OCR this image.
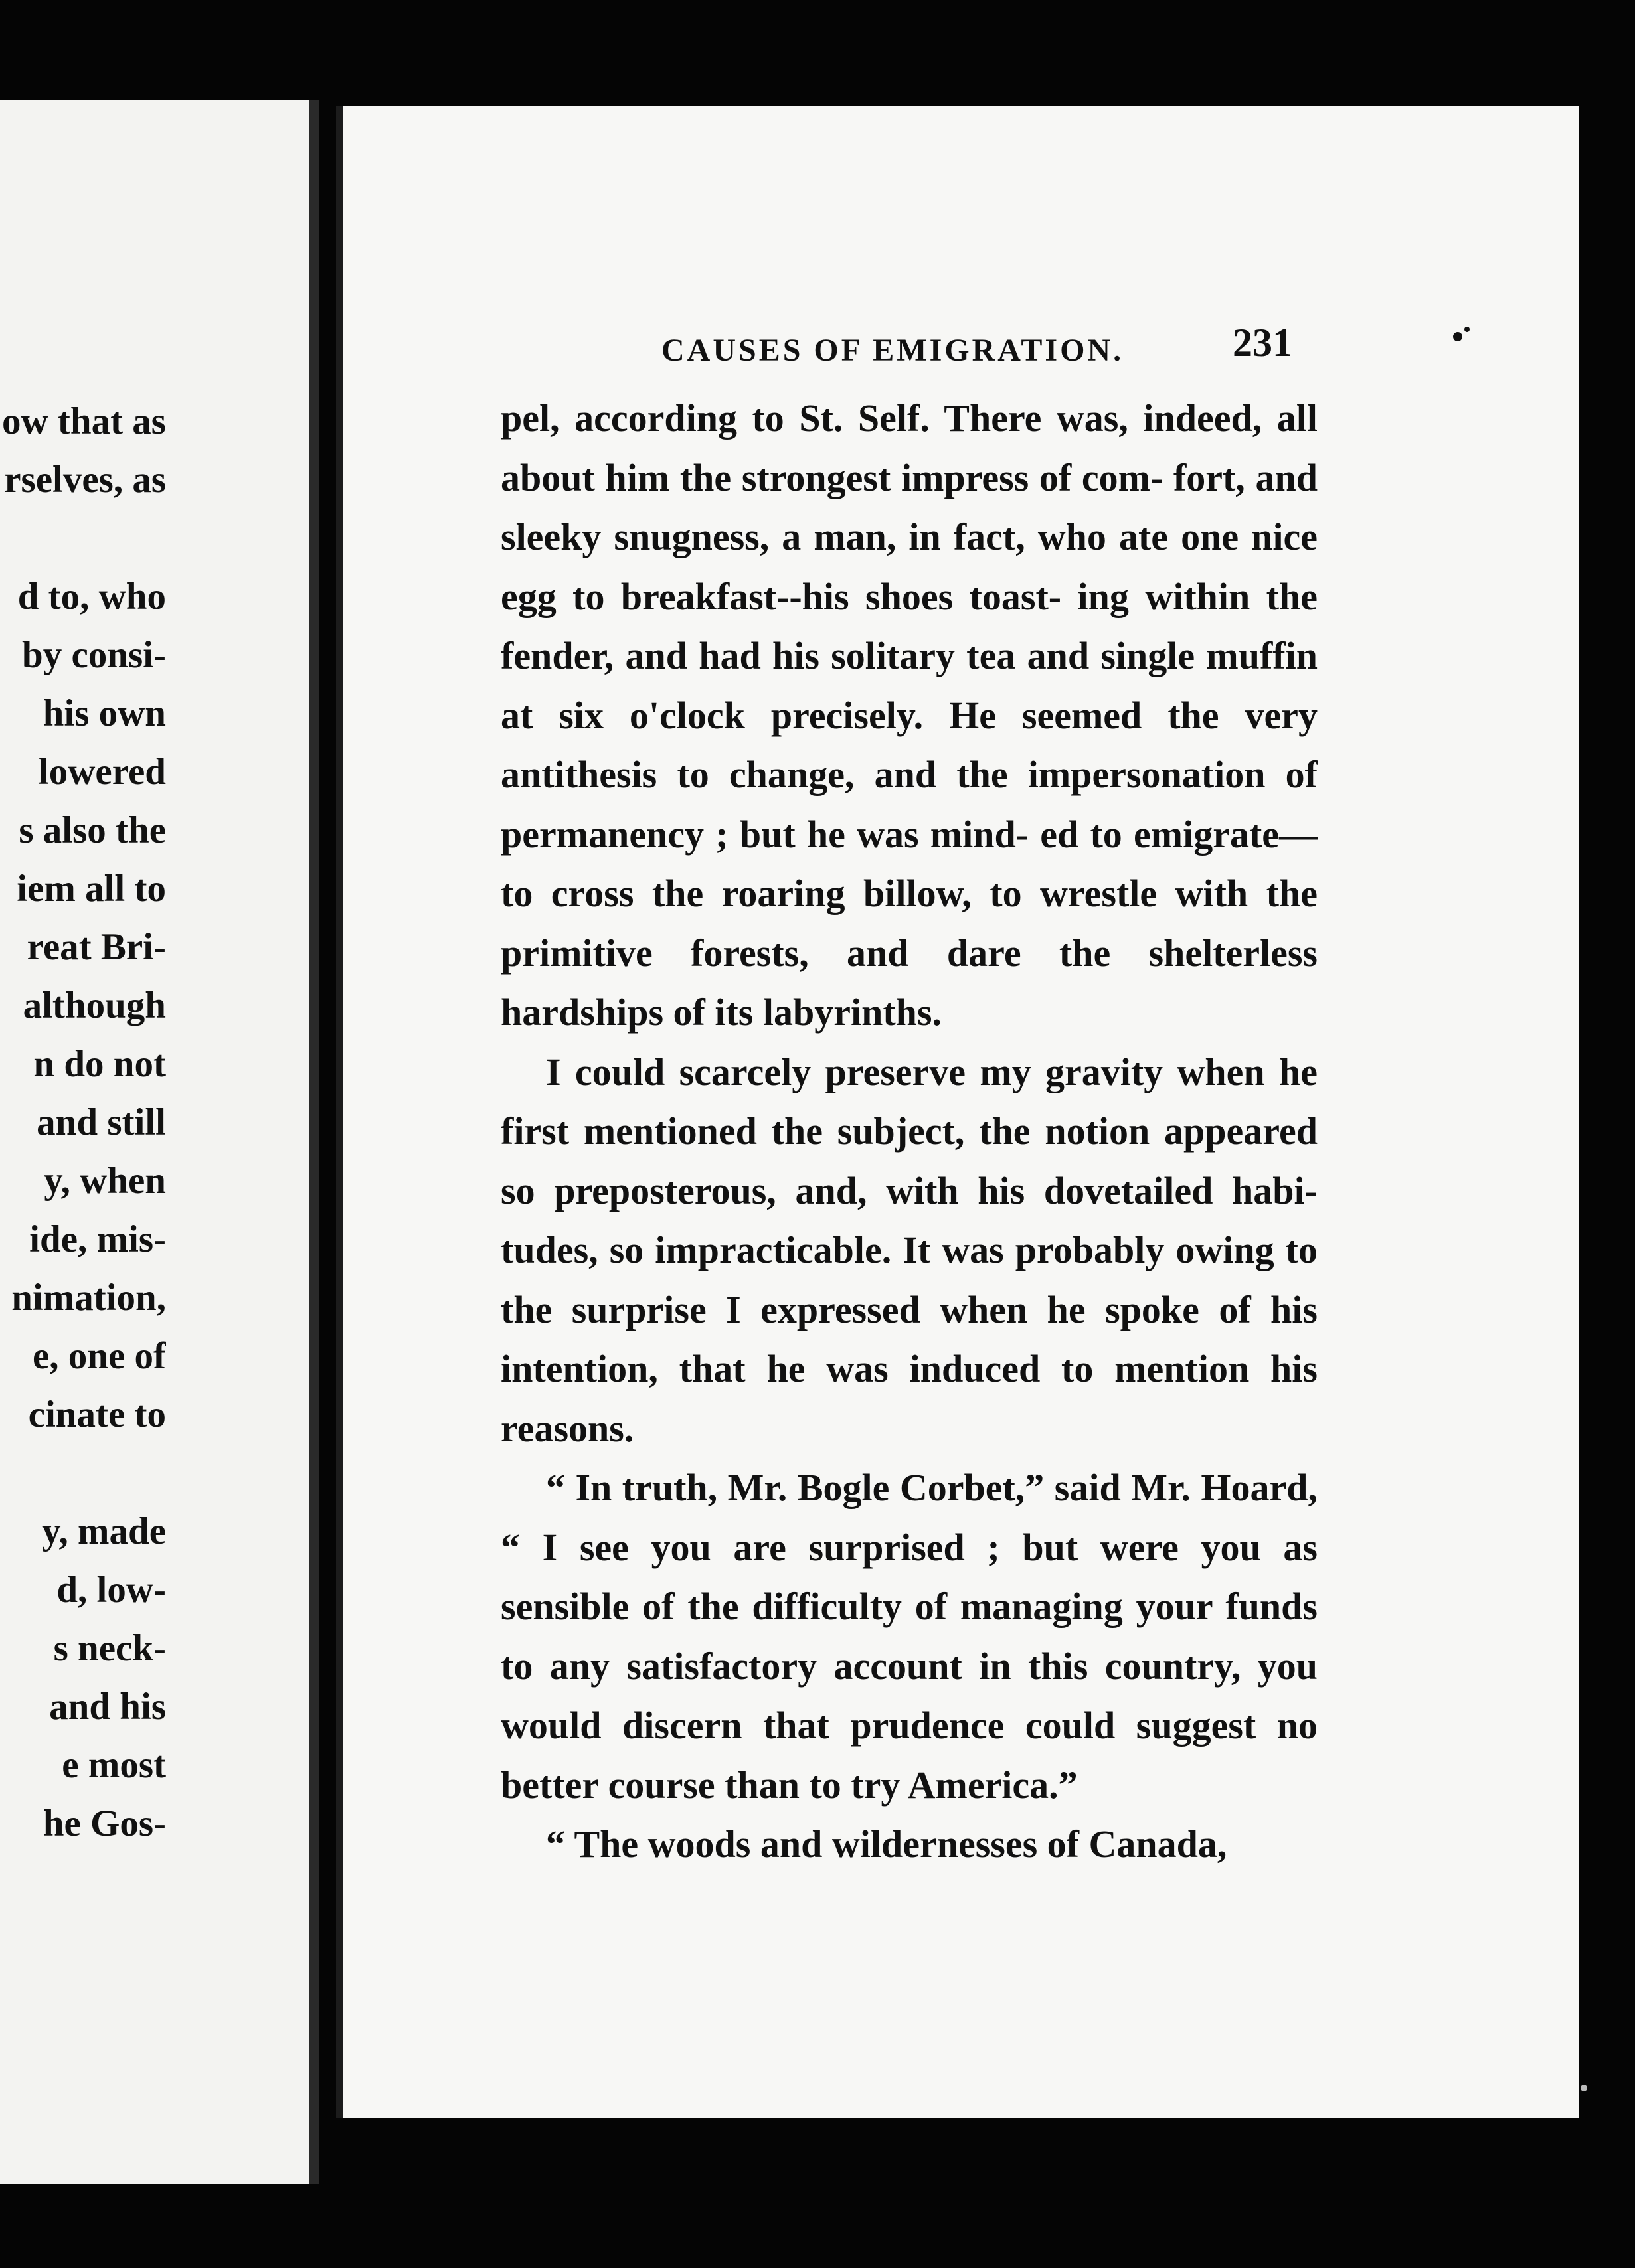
ow that as
rselves, as
d to, who
by consi-
his own
lowered
s also the
iem all to
reat Bri-
although
n do not
and still
y, when
ide, mis-
nimation,
e, one of
cinate to
y, made
d, low-
s neck-
and his
e most
he Gos-
CAUSES OF EMIGRATION.	231

pel, according to St. Self. There was, indeed, all about him the strongest impress of com- fort, and sleeky snugness, a man, in fact, who ate one nice egg to breakfast--his shoes toast- ing within the fender, and had his solitary tea and single muffin at six o'clock precisely. He seemed the very antithesis to change, and the impersonation of permanency ; but he was mind- ed to emigrate—to cross the roaring billow, to wrestle with the primitive forests, and dare the shelterless hardships of its labyrinths.

I could scarcely preserve my gravity when he first mentioned the subject, the notion appeared so preposterous, and, with his dovetailed habi- tudes, so impracticable. It was probably owing to the surprise I expressed when he spoke of his intention, that he was induced to mention his reasons.

“ In truth, Mr. Bogle Corbet,” said Mr. Hoard, “ I see you are surprised ; but were you as sensible of the difficulty of managing your funds to any satisfactory account in this country, you would discern that prudence could suggest no better course than to try America.”

“ The woods and wildernesses of Canada,
